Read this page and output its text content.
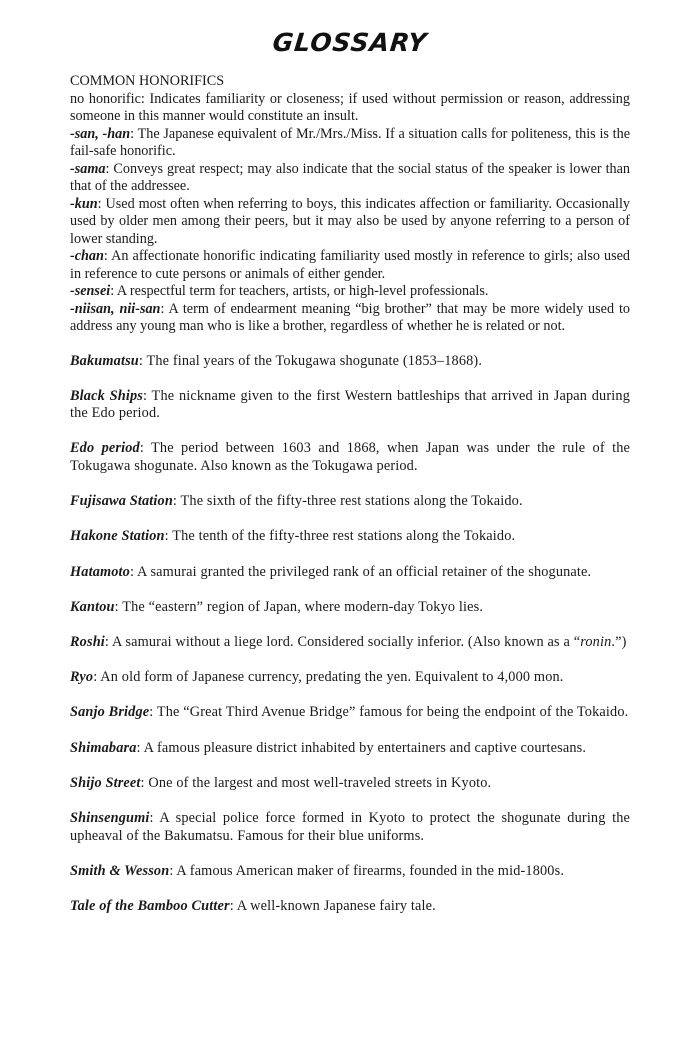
GLOSSARY
COMMON HONORIFICS

no honorific: Indicates familiarity or closeness; if used without permission or reason, addressing someone in this manner would constitute an insult.

-san, -han: The Japanese equivalent of Mr./Mrs./Miss. If a situation calls for politeness, this is the fail-safe honorific.

-sama: Conveys great respect; may also indicate that the social status of the speaker is lower than that of the addressee.

-kun: Used most often when referring to boys, this indicates affection or familiarity. Occasionally used by older men among their peers, but it may also be used by anyone referring to a person of lower standing.

-chan: An affectionate honorific indicating familiarity used mostly in reference to girls; also used in reference to cute persons or animals of either gender.

-sensei: A respectful term for teachers, artists, or high-level professionals.

-niisan, nii-san: A term of endearment meaning “big brother” that may be more widely used to address any young man who is like a brother, regardless of whether he is related or not.

Bakumatsu: The final years of the Tokugawa shogunate (1853–1868).

Black Ships: The nickname given to the first Western battleships that arrived in Japan during the Edo period.

Edo period: The period between 1603 and 1868, when Japan was under the rule of the Tokugawa shogunate. Also known as the Tokugawa period.

Fujisawa Station: The sixth of the fifty-three rest stations along the Tokaido.

Hakone Station: The tenth of the fifty-three rest stations along the Tokaido.

Hatamoto: A samurai granted the privileged rank of an official retainer of the shogunate.

Kantou: The “eastern” region of Japan, where modern-day Tokyo lies.

Roshi: A samurai without a liege lord. Considered socially inferior. (Also known as a “ronin.”)

Ryo: An old form of Japanese currency, predating the yen. Equivalent to 4,000 mon.

Sanjo Bridge: The “Great Third Avenue Bridge” famous for being the endpoint of the Tokaido.

Shimabara: A famous pleasure district inhabited by entertainers and captive courtesans.

Shijo Street: One of the largest and most well-traveled streets in Kyoto.

Shinsengumi: A special police force formed in Kyoto to protect the shogunate during the upheaval of the Bakumatsu. Famous for their blue uniforms.

Smith & Wesson: A famous American maker of firearms, founded in the mid-1800s.

Tale of the Bamboo Cutter: A well-known Japanese fairy tale.
